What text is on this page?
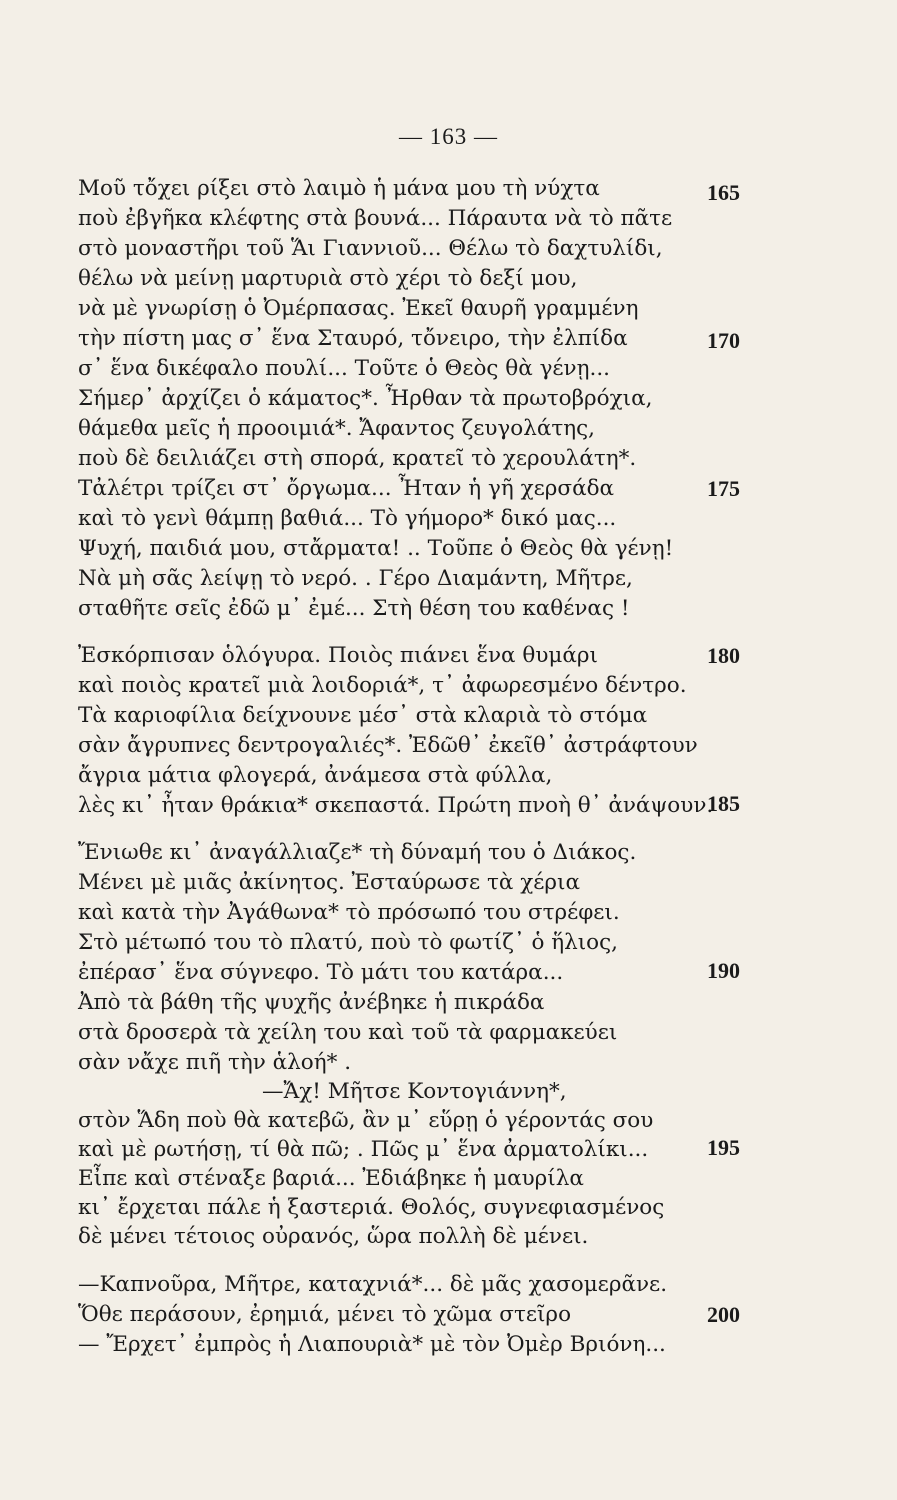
— 163 —
Μοῦ τὄχει ρίξει στὸ λαιμὸ ἡ μάνα μου τὴ νύχτα
ποὺ ἐβγῆκα κλέφτης στὰ βουνά... Πάραυτα νὰ τὸ πᾶτε
στὸ μοναστῆρι τοῦ Ἅι Γιαννιοῦ... Θέλω τὸ δαχτυλίδι,
θέλω νὰ μείνῃ μαρτυριὰ στὸ χέρι τὸ δεξί μου,
νὰ μὲ γνωρίσῃ ὁ Ὀμέρπασας. Ἐκεῖ θαυρῆ γραμμένη
τὴν πίστη μας σ᾿ ἕνα Σταυρό, τὄνειρο, τὴν ἐλπίδα
σ᾿ ἕνα δικέφαλο πουλί... Τοῦτε ὁ Θεὸς θὰ γένῃ...
Σήμερ᾿ ἀρχίζει ὁ κάματος*. Ἦρθαν τὰ πρωτοβρόχια,
θάμεθα μεῖς ἡ προοιμιά*. Ἄφαντος ζευγολάτης,
ποὺ δὲ δειλιάζει στὴ σπορά, κρατεῖ τὸ χερουλάτη*.
Τἀλέτρι τρίζει στ᾿ ὄργωμα... Ἦταν ἡ γῆ χερσάδα
καὶ τὸ γενὶ θάμπῃ βαθιά... Τὸ γήμορο* δικό μας...
Ψυχή, παιδιά μου, στἄρματα! .. Τοῦπε ὁ Θεὸς θὰ γένῃ!
Νὰ μὴ σᾶς λείψῃ τὸ νερό. . Γέρο Διαμάντη, Μῆτρε,
σταθῆτε σεῖς ἐδῶ μ᾿ ἐμέ... Στὴ θέση του καθένας !
Ἐσκόρπισαν ὁλόγυρα. Ποιὸς πιάνει ἕνα θυμάρι
καὶ ποιὸς κρατεῖ μιὰ λοιδοριά*, τ᾿ ἀφωρεσμένο δέντρο.
Τὰ καριοφίλια δείχνουνε μέσ᾿ στὰ κλαριὰ τὸ στόμα
σὰν ἄγρυπνες δεντρογαλιές*. Ἐδῶθ᾿ ἐκεῖθ᾿ ἀστράφτουν
ἄγρια μάτια φλογερά, ἀνάμεσα στὰ φύλλα,
λὲς κι᾿ ἦταν θράκια* σκεπαστά. Πρώτη πνοὴ θ᾿ ἀνάψουν.
Ἔνιωθε κι᾿ ἀναγάλλιαζε* τὴ δύναμή του ὁ Διάκος.
Μένει μὲ μιᾶς ἀκίνητος. Ἐσταύρωσε τὰ χέρια
καὶ κατὰ τὴν Ἀγάθωνα* τὸ πρόσωπό του στρέφει.
Στὸ μέτωπό του τὸ πλατύ, ποὺ τὸ φωτίζ᾿ ὁ ἥλιος,
ἐπέρασ᾿ ἕνα σύγνεφο. Τὸ μάτι του κατάρα...
Ἀπὸ τὰ βάθη τῆς ψυχῆς ἀνέβηκε ἡ πικράδα
στὰ δροσερὰ τὰ χείλη του καὶ τοῦ τὰ φαρμακεύει
σὰν νἄχε πιῆ τὴν ἁλοή* .
—Ἄχ! Μῆτσε Κοντογιάννη*,
στὸν Ἅδη ποὺ θὰ κατεβῶ, ἂν μ᾿ εὕρῃ ὁ γέροντάς σου
καὶ μὲ ρωτήσῃ, τί θὰ πῶ; . Πῶς μ᾿ ἕνα ἀρματολίκι...
Εἶπε καὶ στέναξε βαριά... Ἐδιάβηκε ἡ μαυρίλα
κι᾿ ἔρχεται πάλε ἡ ξαστεριά. Θολός, συγνεφιασμένος
δὲ μένει τέτοιος οὐρανός, ὥρα πολλὴ δὲ μένει.
—Καπνοῦρα, Μῆτρε, καταχνιά*... δὲ μᾶς χασομερᾶνε.
Ὅθε περάσουν, ἐρημιά, μένει τὸ χῶμα στεῖρο
— Ἔρχετ᾿ ἐμπρὸς ἡ Λιαπουριὰ* μὲ τὸν Ὀμὲρ Βριόνη...
165
170
175
180
185
190
195
200
